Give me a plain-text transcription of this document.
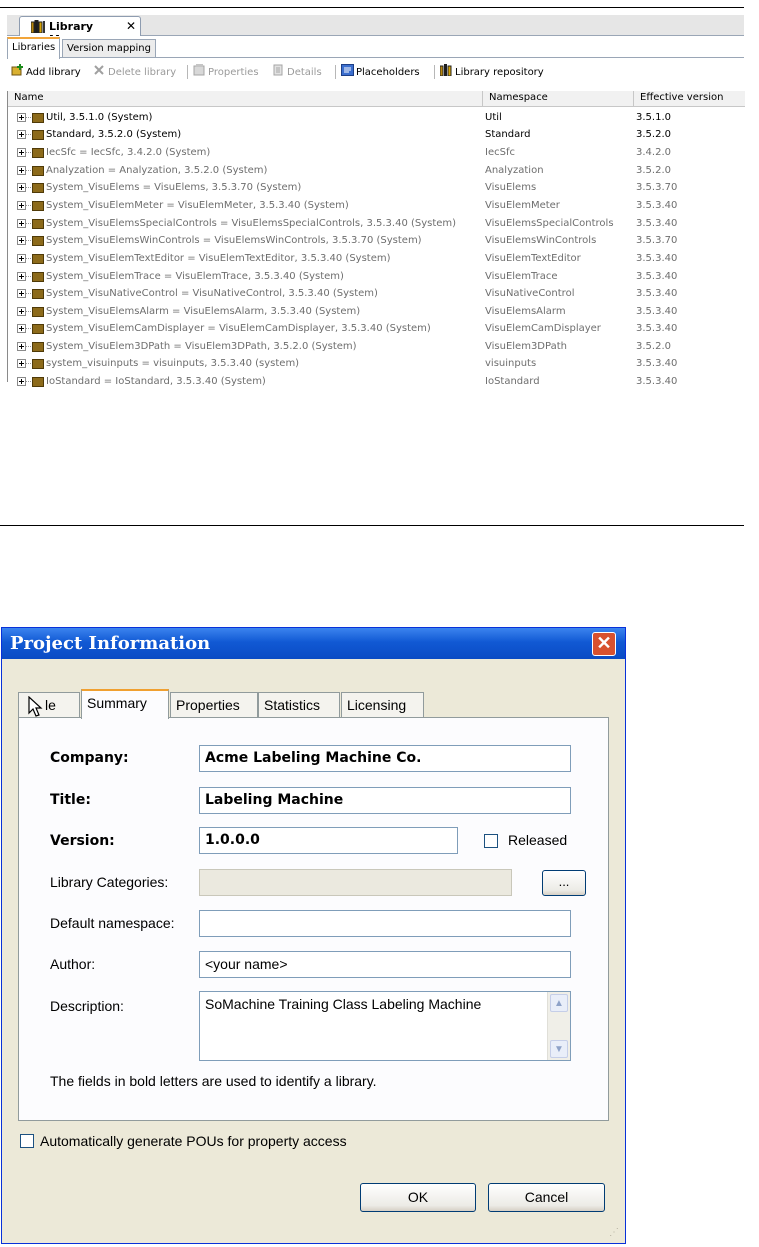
Library	✕
Libraries	Version mapping
Add library	Delete library	Properties	Details	Placeholders	Library repository
Name	Namespace	Effective version
Util, 3.5.1.0 (System)	Util	3.5.1.0
Standard, 3.5.2.0 (System)	Standard	3.5.2.0
IecSfc = IecSfc, 3.4.2.0 (System)	IecSfc	3.4.2.0
Analyzation = Analyzation, 3.5.2.0 (System)	Analyzation	3.5.2.0
System_VisuElems = VisuElems, 3.5.3.70 (System)	VisuElems	3.5.3.70
System_VisuElemMeter = VisuElemMeter, 3.5.3.40 (System)	VisuElemMeter	3.5.3.40
System_VisuElemsSpecialControls = VisuElemsSpecialControls, 3.5.3.40 (System)	VisuElemsSpecialControls 3.5.3.40
System_VisuElemsWinControls = VisuElemsWinControls, 3.5.3.70 (System)	VisuElemsWinControls	3.5.3.70
System_VisuElemTextEditor = VisuElemTextEditor, 3.5.3.40 (System)	VisuElemTextEditor	3.5.3.40
System_VisuElemTrace = VisuElemTrace, 3.5.3.40 (System)	VisuElemTrace	3.5.3.40
System_VisuNativeControl = VisuNativeControl, 3.5.3.40 (System)	VisuNativeControl	3.5.3.40
System_VisuElemsAlarm = VisuElemsAlarm, 3.5.3.40 (System)	VisuElemsAlarm	3.5.3.40
System_VisuElemCamDisplayer = VisuElemCamDisplayer, 3.5.3.40 (System)	VisuElemCamDisplayer	3.5.3.40
System_VisuElem3DPath = VisuElem3DPath, 3.5.2.0 (System)	VisuElem3DPath	3.5.2.0
system_visuinputs = visuinputs, 3.5.3.40 (system)	visuinputs	3.5.3.40
IoStandard = IoStandard, 3.5.3.40 (System)	IoStandard	3.5.3.40
Project Information	✕
le	Summary	Properties	Statistics	Licensing
Company:	Acme Labeling Machine Co.
Title:	Labeling Machine
Version:	1.0.0.0	Released
Library Categories:	...
Default namespace:
Author:	<your name>
Description:	SoMachine Training Class Labeling Machine	▲
▼
The fields in bold letters are used to identify a library.
Automatically generate POUs for property access
OK	Cancel
⋰
